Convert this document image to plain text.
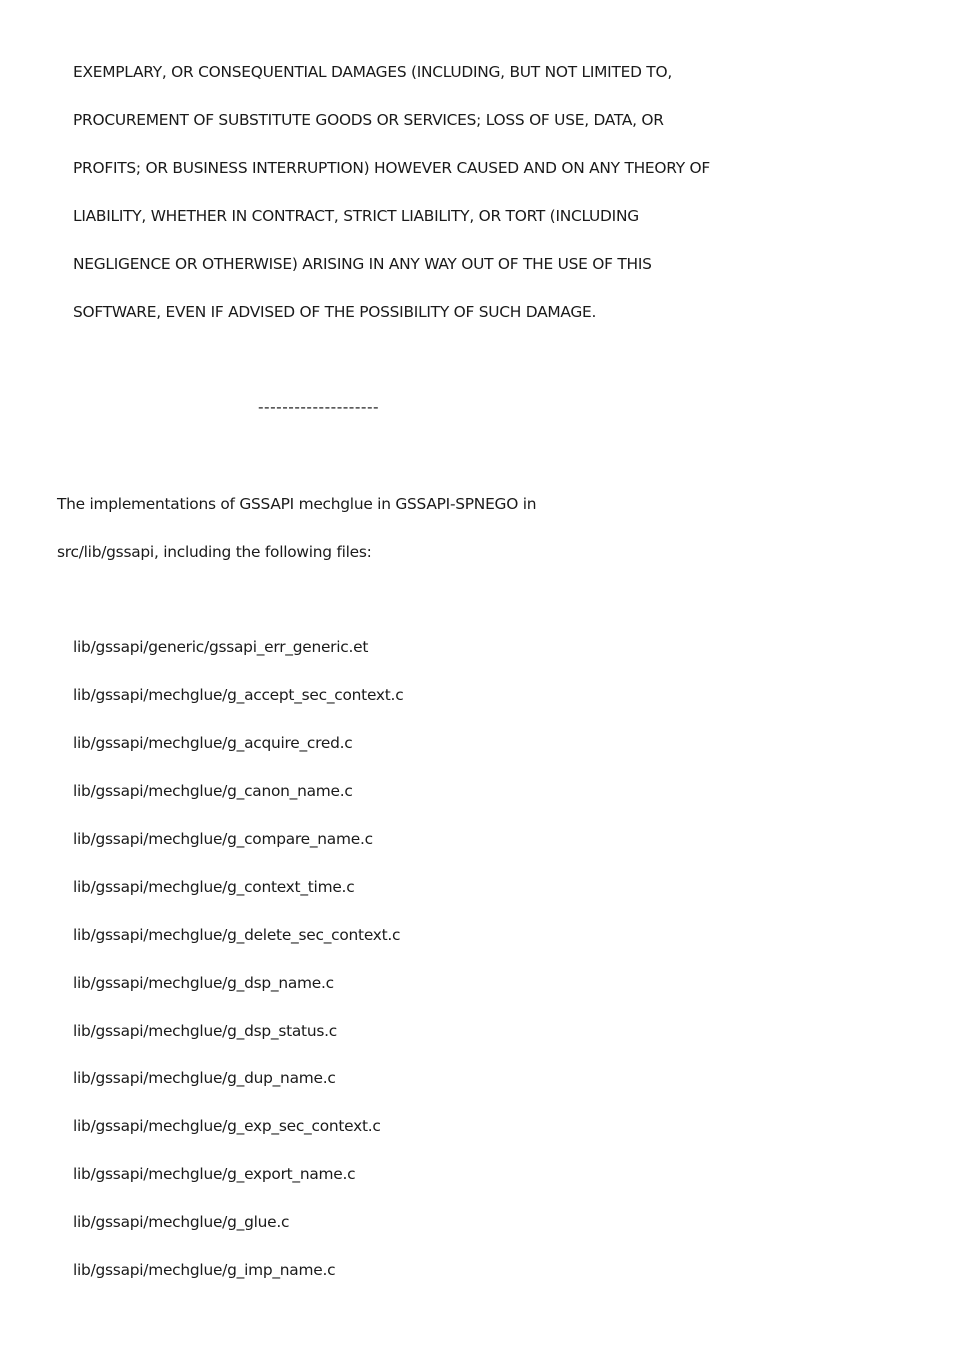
EXEMPLARY, OR CONSEQUENTIAL DAMAGES (INCLUDING, BUT NOT LIMITED TO,
PROCUREMENT OF SUBSTITUTE GOODS OR SERVICES; LOSS OF USE, DATA, OR
PROFITS; OR BUSINESS INTERRUPTION) HOWEVER CAUSED AND ON ANY THEORY OF
LIABILITY, WHETHER IN CONTRACT, STRICT LIABILITY, OR TORT (INCLUDING
NEGLIGENCE OR OTHERWISE) ARISING IN ANY WAY OUT OF THE USE OF THIS
SOFTWARE, EVEN IF ADVISED OF THE POSSIBILITY OF SUCH DAMAGE.
--------------------
The implementations of GSSAPI mechglue in GSSAPI-SPNEGO in
src/lib/gssapi, including the following files:
lib/gssapi/generic/gssapi_err_generic.et
lib/gssapi/mechglue/g_accept_sec_context.c
lib/gssapi/mechglue/g_acquire_cred.c
lib/gssapi/mechglue/g_canon_name.c
lib/gssapi/mechglue/g_compare_name.c
lib/gssapi/mechglue/g_context_time.c
lib/gssapi/mechglue/g_delete_sec_context.c
lib/gssapi/mechglue/g_dsp_name.c
lib/gssapi/mechglue/g_dsp_status.c
lib/gssapi/mechglue/g_dup_name.c
lib/gssapi/mechglue/g_exp_sec_context.c
lib/gssapi/mechglue/g_export_name.c
lib/gssapi/mechglue/g_glue.c
lib/gssapi/mechglue/g_imp_name.c
